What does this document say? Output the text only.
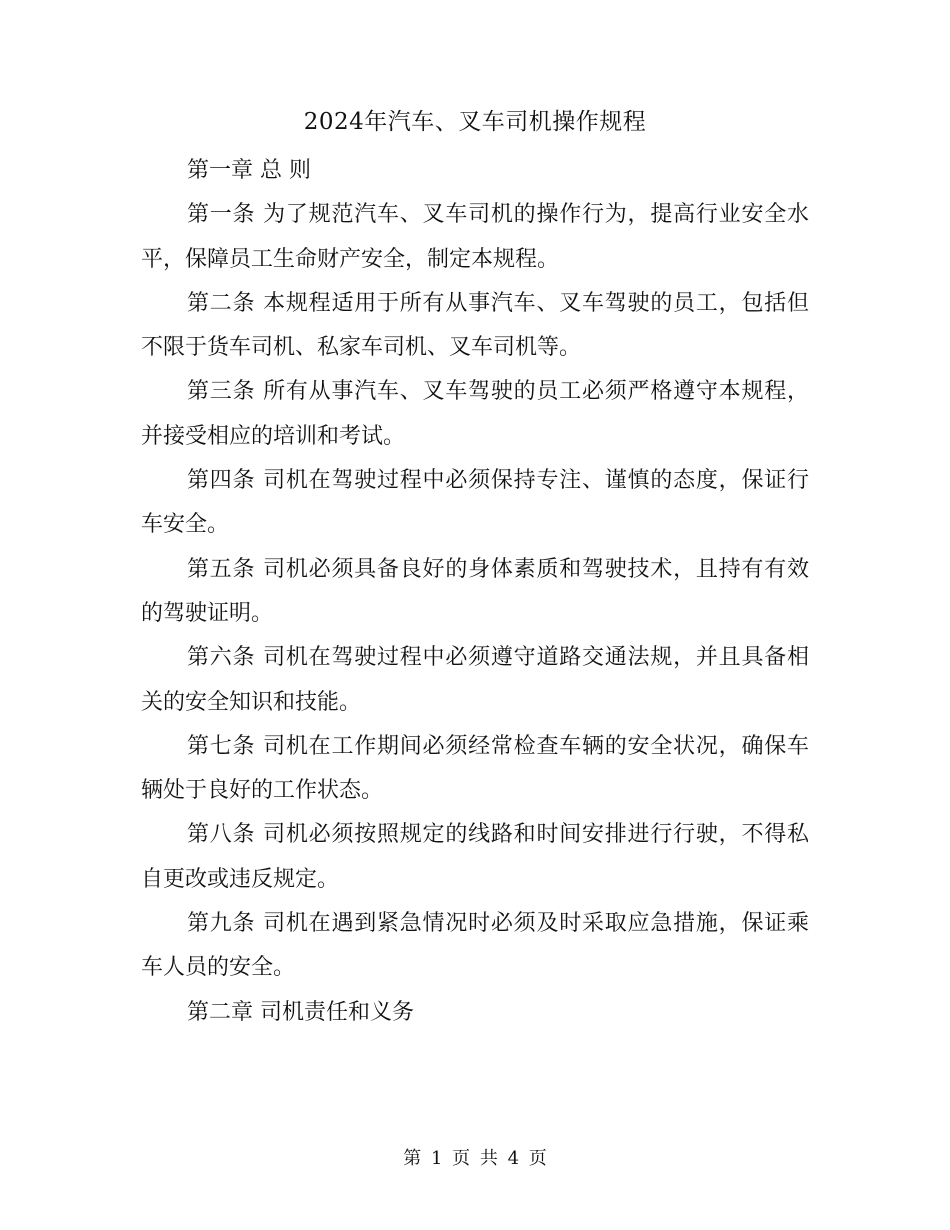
2024年汽车、叉车司机操作规程

第一章 总 则

第一条 为了规范汽车、叉车司机的操作行为，提高行业安全水平，保障员工生命财产安全，制定本规程。

第二条 本规程适用于所有从事汽车、叉车驾驶的员工，包括但不限于货车司机、私家车司机、叉车司机等。

第三条 所有从事汽车、叉车驾驶的员工必须严格遵守本规程，并接受相应的培训和考试。

第四条 司机在驾驶过程中必须保持专注、谨慎的态度，保证行车安全。

第五条 司机必须具备良好的身体素质和驾驶技术，且持有有效的驾驶证明。

第六条 司机在驾驶过程中必须遵守道路交通法规，并且具备相关的安全知识和技能。

第七条 司机在工作期间必须经常检查车辆的安全状况，确保车辆处于良好的工作状态。

第八条 司机必须按照规定的线路和时间安排进行行驶，不得私自更改或违反规定。

第九条 司机在遇到紧急情况时必须及时采取应急措施，保证乘车人员的安全。

第二章 司机责任和义务

第 1 页 共 4 页
